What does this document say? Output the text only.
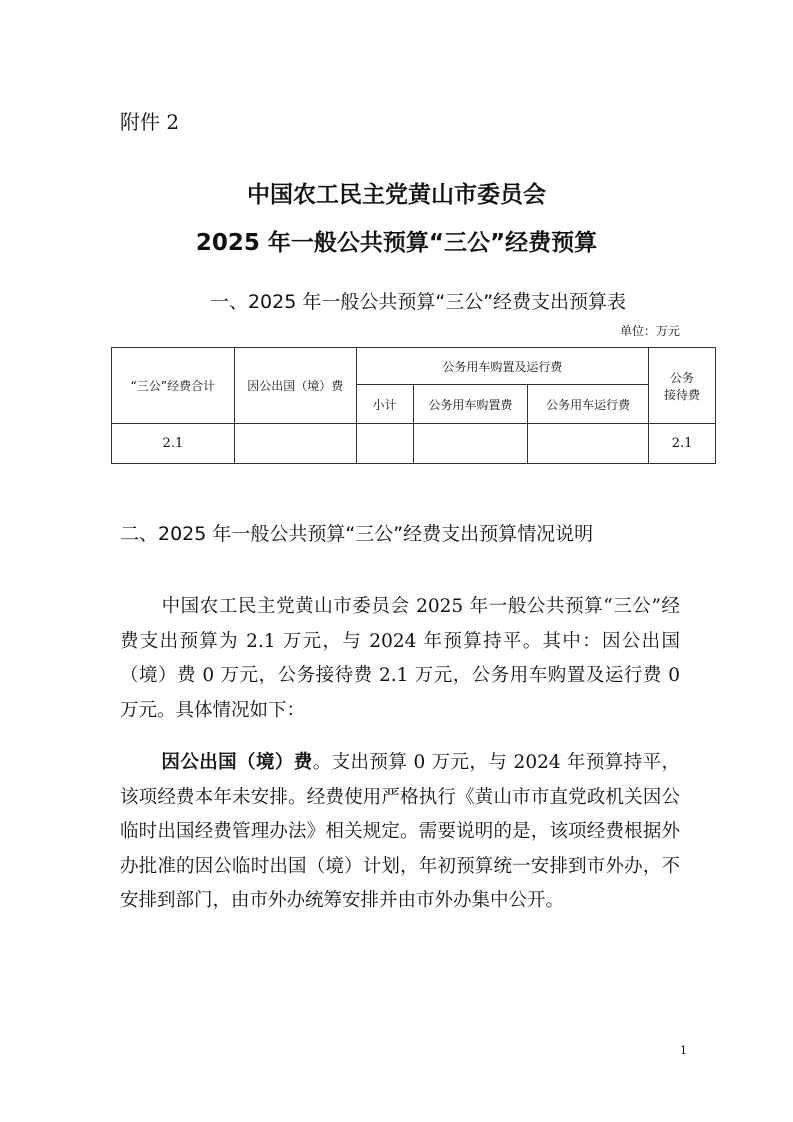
附件 2
中国农工民主党黄山市委员会
2025 年一般公共预算“三公”经费预算
一、2025 年一般公共预算“三公”经费支出预算表
单位：万元
“三公”经费合计	因公出国（境）费	公务用车购置及运行费			公务
接待费

		小计	公务用车购置费	公务用车运行费	
2.1					2.1
二、2025 年一般公共预算“三公”经费支出预算情况说明
中国农工民主党黄山市委员会 2025 年一般公共预算“三公”经费支出预算为 2.1 万元，与 2024 年预算持平。其中：因公出国（境）费 0 万元，公务接待费 2.1 万元，公务用车购置及运行费 0 万元。具体情况如下：
因公出国（境）费。支出预算 0 万元，与 2024 年预算持平，该项经费本年未安排。经费使用严格执行《黄山市市直党政机关因公临时出国经费管理办法》相关规定。需要说明的是，该项经费根据外办批准的因公临时出国（境）计划，年初预算统一安排到市外办，不安排到部门，由市外办统筹安排并由市外办集中公开。
1
